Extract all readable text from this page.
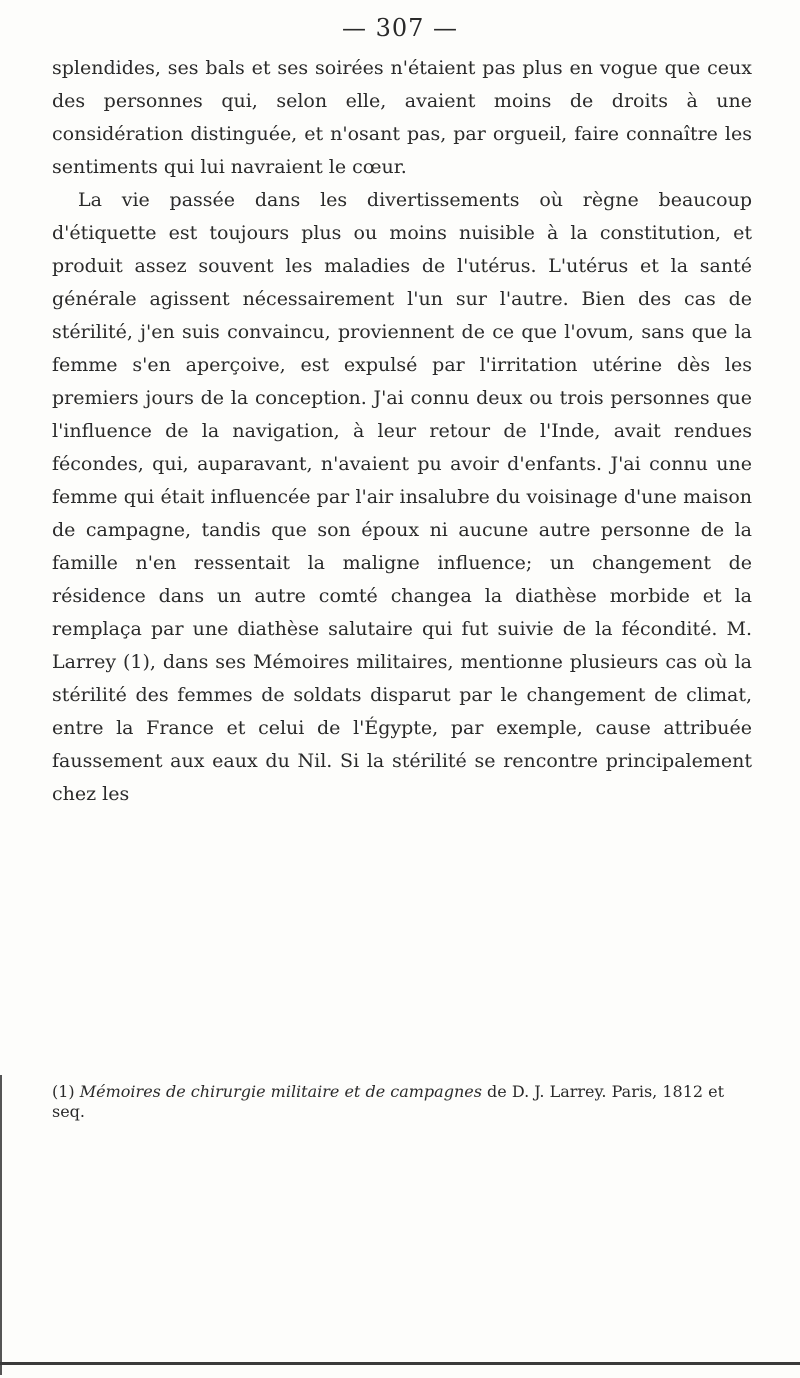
— 307 —

splendides, ses bals et ses soirées n'étaient pas plus en vogue que ceux des personnes qui, selon elle, avaient moins de droits à une considération distinguée, et n'osant pas, par orgueil, faire connaître les sentiments qui lui navraient le cœur.

La vie passée dans les divertissements où règne beaucoup d'étiquette est toujours plus ou moins nuisible à la constitution, et produit assez souvent les maladies de l'utérus. L'utérus et la santé générale agissent nécessairement l'un sur l'autre. Bien des cas de stérilité, j'en suis convaincu, proviennent de ce que l'ovum, sans que la femme s'en aperçoive, est expulsé par l'irritation utérine dès les premiers jours de la conception. J'ai connu deux ou trois personnes que l'influence de la navigation, à leur retour de l'Inde, avait rendues fécondes, qui, auparavant, n'avaient pu avoir d'enfants. J'ai connu une femme qui était influencée par l'air insalubre du voisinage d'une maison de campagne, tandis que son époux ni aucune autre personne de la famille n'en ressentait la maligne influence; un changement de résidence dans un autre comté changea la diathèse morbide et la remplaça par une diathèse salutaire qui fut suivie de la fécondité. M. Larrey (1), dans ses Mémoires militaires, mentionne plusieurs cas où la stérilité des femmes de soldats disparut par le changement de climat, entre la France et celui de l'Égypte, par exemple, cause attribuée faussement aux eaux du Nil. Si la stérilité se rencontre principalement chez les

(1) Mémoires de chirurgie militaire et de campagnes de D. J. Larrey. Paris, 1812 et seq.
